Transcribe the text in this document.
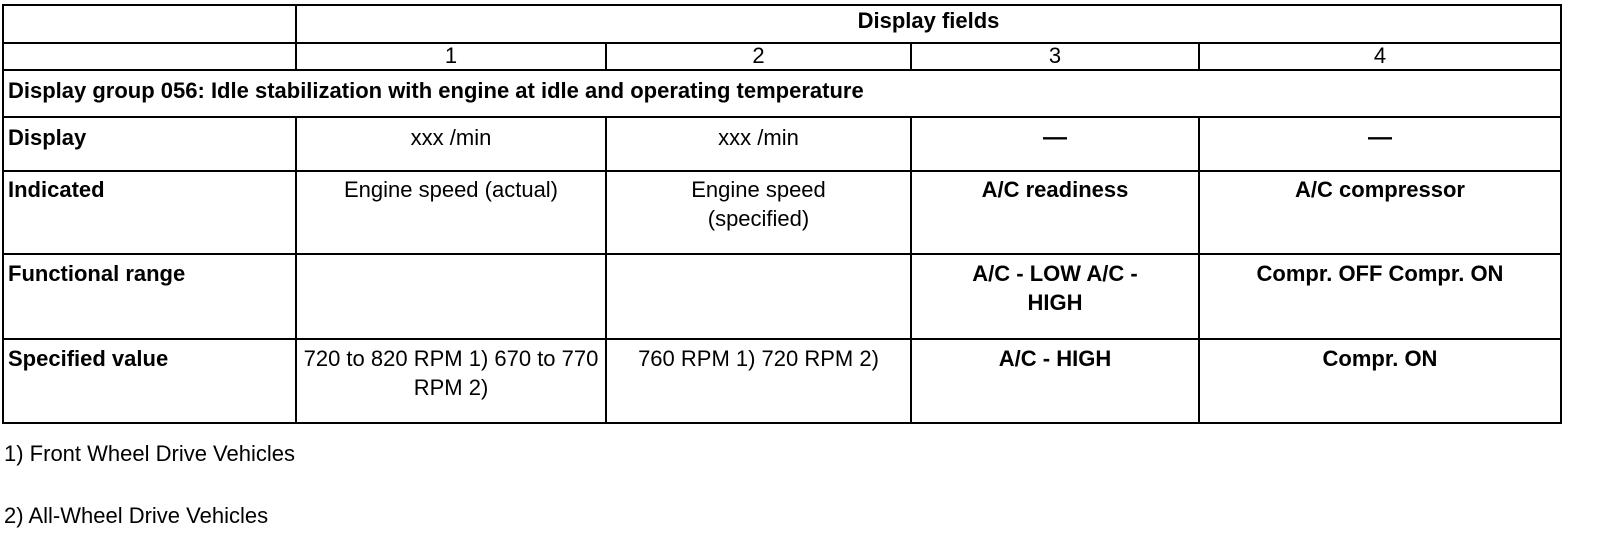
	Display fields			
	1	2	3	4
Display group 056: Idle stabilization with engine at idle and operating temperature				
Display	xxx /min	xxx /min	—	—
Indicated	Engine speed (actual)	Engine speed (specified)	A/C readiness	A/C compressor
Functional range			A/C - LOW A/C - HIGH	Compr. OFF Compr. ON
Specified value	720 to 820 RPM 1) 670 to 770 RPM 2)	760 RPM 1) 720 RPM 2)	A/C - HIGH	Compr. ON
1) Front Wheel Drive Vehicles
2) All-Wheel Drive Vehicles
